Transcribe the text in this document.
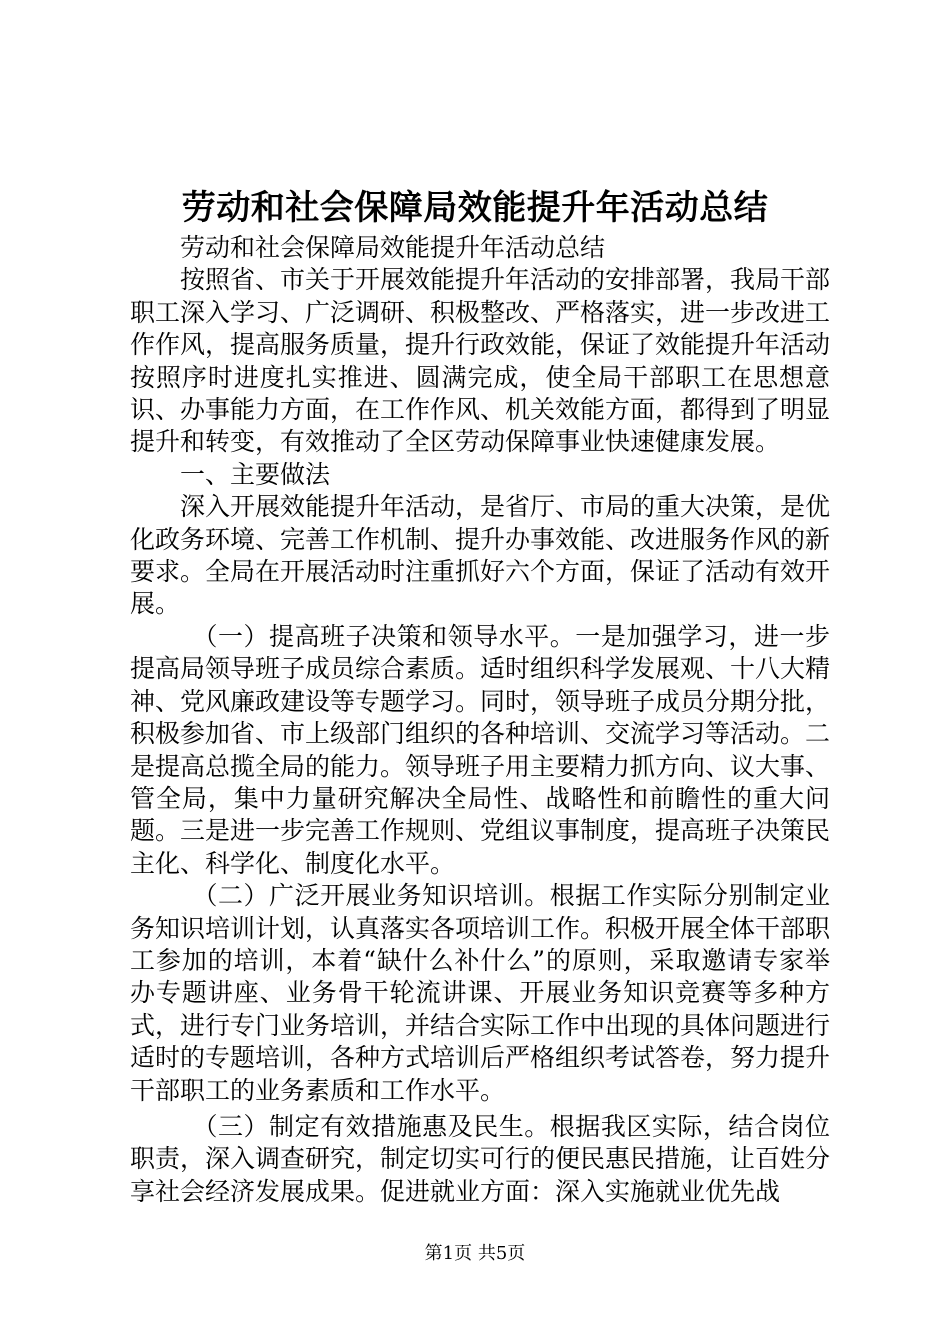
劳动和社会保障局效能提升年活动总结

劳动和社会保障局效能提升年活动总结

按照省、市关于开展效能提升年活动的安排部署，我局干部职工深入学习、广泛调研、积极整改、严格落实，进一步改进工作作风，提高服务质量，提升行政效能，保证了效能提升年活动按照序时进度扎实推进、圆满完成，使全局干部职工在思想意识、办事能力方面，在工作作风、机关效能方面，都得到了明显提升和转变，有效推动了全区劳动保障事业快速健康发展。

一、主要做法

深入开展效能提升年活动，是省厅、市局的重大决策，是优化政务环境、完善工作机制、提升办事效能、改进服务作风的新要求。全局在开展活动时注重抓好六个方面，保证了活动有效开展。

（一）提高班子决策和领导水平。一是加强学习，进一步提高局领导班子成员综合素质。适时组织科学发展观、十八大精神、党风廉政建设等专题学习。同时，领导班子成员分期分批，积极参加省、市上级部门组织的各种培训、交流学习等活动。二是提高总揽全局的能力。领导班子用主要精力抓方向、议大事、管全局，集中力量研究解决全局性、战略性和前瞻性的重大问题。三是进一步完善工作规则、党组议事制度，提高班子决策民主化、科学化、制度化水平。

（二）广泛开展业务知识培训。根据工作实际分别制定业务知识培训计划，认真落实各项培训工作。积极开展全体干部职工参加的培训，本着“缺什么补什么”的原则，采取邀请专家举办专题讲座、业务骨干轮流讲课、开展业务知识竞赛等多种方式，进行专门业务培训，并结合实际工作中出现的具体问题进行适时的专题培训，各种方式培训后严格组织考试答卷，努力提升干部职工的业务素质和工作水平。

（三）制定有效措施惠及民生。根据我区实际，结合岗位职责，深入调查研究，制定切实可行的便民惠民措施，让百姓分享社会经济发展成果。促进就业方面：深入实施就业优先战

第1页 共5页
